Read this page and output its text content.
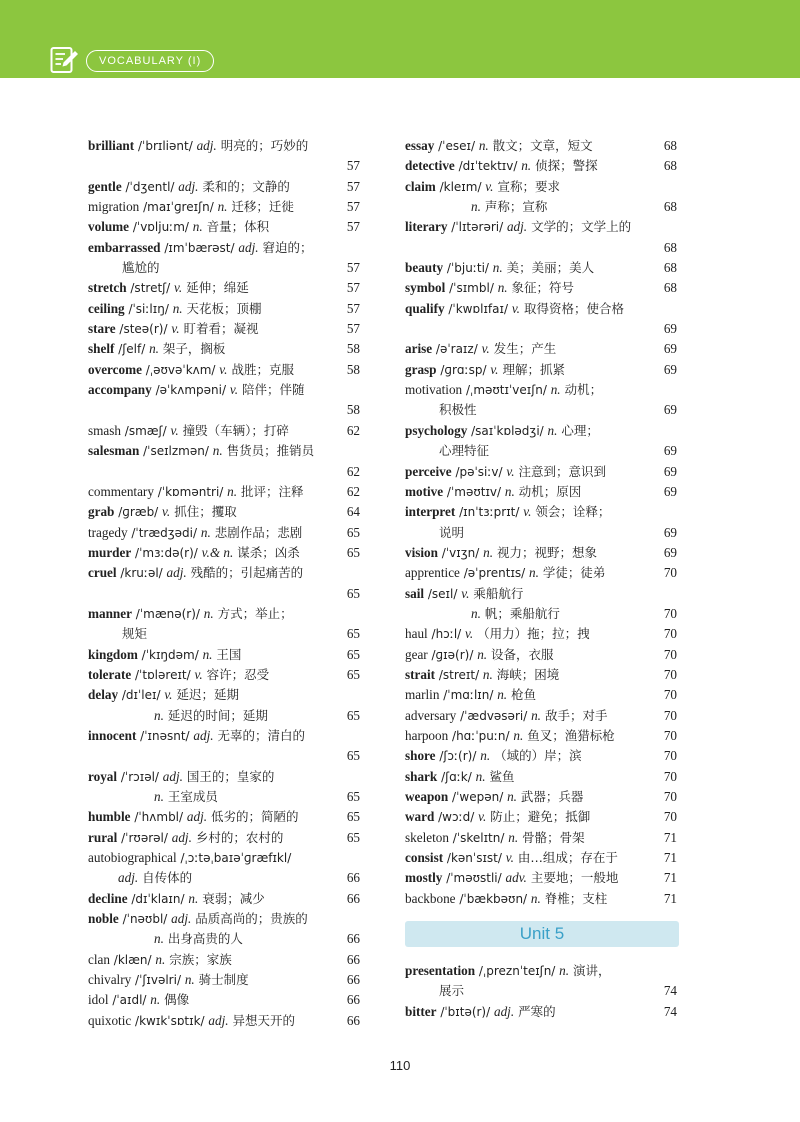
VOCABULARY (I)
brilliant /ˈbrɪliənt/ adj. 明亮的；巧妙的
57
gentle /ˈdʒentl/ adj. 柔和的；文静的	57
migration /maɪˈɡreɪʃn/ n. 迁移；迁徙	57
volume /ˈvɒljuːm/ n. 音量；体积	57
embarrassed /ɪmˈbærəst/ adj. 窘迫的；
尴尬的	57
stretch /stretʃ/ v. 延伸；绵延	57
ceiling /ˈsiːlɪŋ/ n. 天花板；顶棚	57
stare /steə(r)/ v. 盯着看；凝视	57
shelf /ʃelf/ n. 架子，搁板	58
overcome /ˌəʊvəˈkʌm/ v. 战胜；克服	58
accompany /əˈkʌmpəni/ v. 陪伴；伴随
58
smash /smæʃ/ v. 撞毁（车辆）；打碎	62
salesman /ˈseɪlzmən/ n. 售货员；推销员
62
commentary /ˈkɒməntri/ n. 批评；注释	62
grab /ɡræb/ v. 抓住；攫取	64
tragedy /ˈtrædʒədi/ n. 悲剧作品；悲剧	65
murder /ˈmɜːdə(r)/ v.& n. 谋杀；凶杀	65
cruel /kruːəl/ adj. 残酷的；引起痛苦的
65
manner /ˈmænə(r)/ n. 方式；举止；
规矩	65
kingdom /ˈkɪŋdəm/ n. 王国	65
tolerate /ˈtɒləreɪt/ v. 容许；忍受	65
delay /dɪˈleɪ/ v. 延迟；延期
n. 延迟的时间；延期	65
innocent /ˈɪnəsnt/ adj. 无辜的；清白的
65
royal /ˈrɔɪəl/ adj. 国王的；皇家的
n. 王室成员	65
humble /ˈhʌmbl/ adj. 低劣的；简陋的	65
rural /ˈrʊərəl/ adj. 乡村的；农村的	65
autobiographical /ˌɔːtəˌbaɪəˈɡræfɪkl/
adj. 自传体的	66
decline /dɪˈklaɪn/ n. 衰弱；减少	66
noble /ˈnəʊbl/ adj. 品质高尚的；贵族的
n. 出身高贵的人	66
clan /klæn/ n. 宗族；家族	66
chivalry /ˈʃɪvəlri/ n. 骑士制度	66
idol /ˈaɪdl/ n. 偶像	66
quixotic /kwɪkˈsɒtɪk/ adj. 异想天开的	66
essay /ˈeseɪ/ n. 散文；文章，短文	68
detective /dɪˈtektɪv/ n. 侦探；警探	68
claim /kleɪm/ v. 宣称；要求
n. 声称；宣称	68
literary /ˈlɪtərəri/ adj. 文学的；文学上的
68
beauty /ˈbjuːti/ n. 美；美丽；美人	68
symbol /ˈsɪmbl/ n. 象征；符号	68
qualify /ˈkwɒlɪfaɪ/ v. 取得资格；使合格
69
arise /əˈraɪz/ v. 发生；产生	69
grasp /ɡrɑːsp/ v. 理解；抓紧	69
motivation /ˌməʊtɪˈveɪʃn/ n. 动机；
积极性	69
psychology /saɪˈkɒlədʒi/ n. 心理；
心理特征	69
perceive /pəˈsiːv/ v. 注意到；意识到	69
motive /ˈməʊtɪv/ n. 动机；原因	69
interpret /ɪnˈtɜːprɪt/ v. 领会；诠释；
说明	69
vision /ˈvɪʒn/ n. 视力；视野；想象	69
apprentice /əˈprentɪs/ n. 学徒；徒弟	70
sail /seɪl/ v. 乘船航行
n. 帆；乘船航行	70
haul /hɔːl/ v. （用力）拖；拉；拽	70
gear /ɡɪə(r)/ n. 设备，衣服	70
strait /streɪt/ n. 海峡；困境	70
marlin /ˈmɑːlɪn/ n. 枪鱼	70
adversary /ˈædvəsəri/ n. 敌手；对手	70
harpoon /hɑːˈpuːn/ n. 鱼叉；渔猎标枪	70
shore /ʃɔː(r)/ n. （域的）岸；滨	70
shark /ʃɑːk/ n. 鲨鱼	70
weapon /ˈwepən/ n. 武器；兵器	70
ward /wɔːd/ v. 防止；避免；抵御	70
skeleton /ˈskelɪtn/ n. 骨骼；骨架	71
consist /kənˈsɪst/ v. 由…组成；存在于	71
mostly /ˈməʊstli/ adv. 主要地；一般地	71
backbone /ˈbækbəʊn/ n. 脊椎；支柱	71
Unit 5
presentation /ˌpreznˈteɪʃn/ n. 演讲，
展示	74
bitter /ˈbɪtə(r)/ adj. 严寒的	74
110
